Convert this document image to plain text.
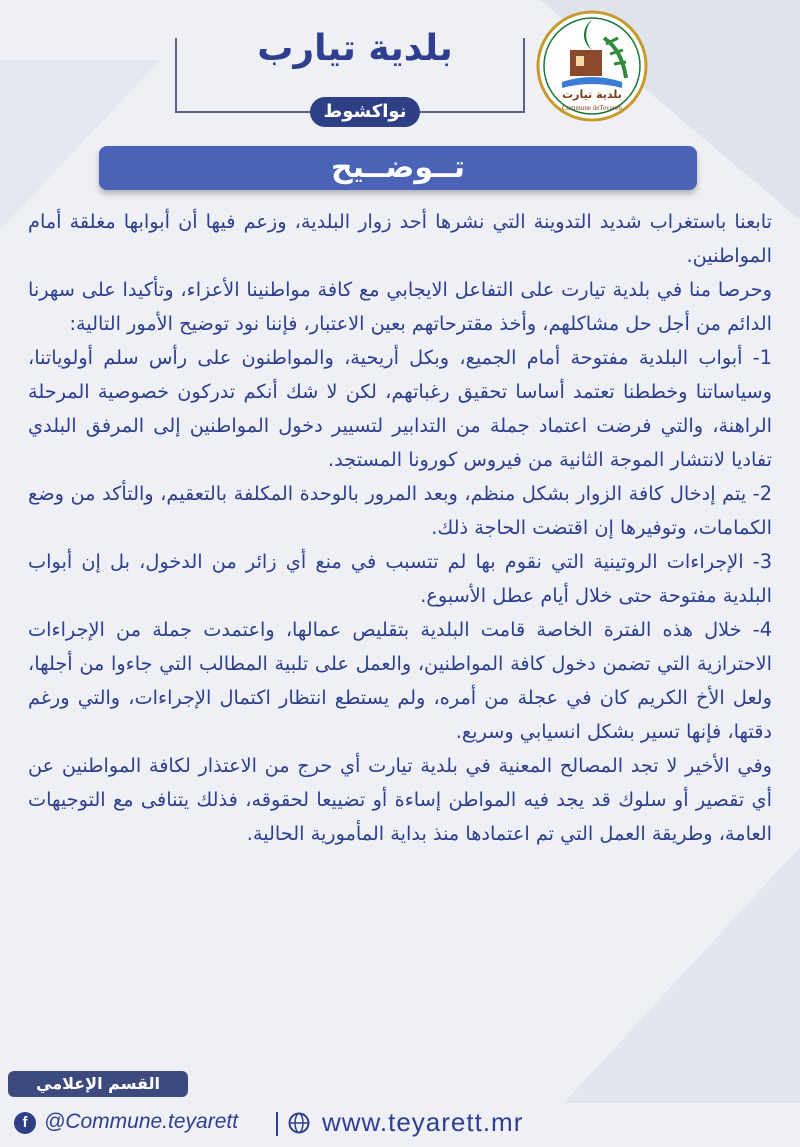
بلدية تيارت
Commune deTeyarett
بلدية تيارب
نواكشوط
تــوضــيح

تابعنا باستغراب شديد التدوينة التي نشرها أحد زوار البلدية، وزعم فيها أن أبوابها مغلقة أمام المواطنين.

وحرصا منا في بلدية تيارت على التفاعل الايجابي مع كافة مواطنينا الأعزاء، وتأكيدا على سهرنا الدائم من أجل حل مشاكلهم، وأخذ مقترحاتهم بعين الاعتبار، فإننا نود توضيح الأمور التالية:

1- أبواب البلدية مفتوحة أمام الجميع، وبكل أريحية، والمواطنون على رأس سلم أولوياتنا، وسياساتنا وخططنا تعتمد أساسا تحقيق رغباتهم، لكن لا شك أنكم تدركون خصوصية المرحلة الراهنة، والتي فرضت اعتماد جملة من التدابير لتسيير دخول المواطنين إلى المرفق البلدي تفاديا لانتشار الموجة الثانية من فيروس كورونا المستجد.

2- يتم إدخال كافة الزوار بشكل منظم، وبعد المرور بالوحدة المكلفة بالتعقيم، والتأكد من وضع الكمامات، وتوفيرها إن اقتضت الحاجة ذلك.

3- الإجراءات الروتينية التي نقوم بها لم تتسبب في منع أي زائر من الدخول، بل إن أبواب البلدية مفتوحة حتى خلال أيام عطل الأسبوع.

4- خلال هذه الفترة الخاصة قامت البلدية بتقليص عمالها، واعتمدت جملة من الإجراءات الاحترازية التي تضمن دخول كافة المواطنين، والعمل على تلبية المطالب التي جاءوا من أجلها، ولعل الأخ الكريم كان في عجلة من أمره، ولم يستطع انتظار اكتمال الإجراءات، والتي ورغم دقتها، فإنها تسير بشكل انسيابي وسريع.

وفي الأخير لا تجد المصالح المعنية في بلدية تيارت أي حرج من الاعتذار لكافة المواطنين عن أي تقصير أو سلوك قد يجد فيه المواطن إساءة أو تضييعا لحقوقه، فذلك يتنافى مع التوجيهات العامة، وطريقة العمل التي تم اعتمادها منذ بداية المأمورية الحالية.

القسم الإعلامي
f @Commune.teyarett	www.teyarett.mr
